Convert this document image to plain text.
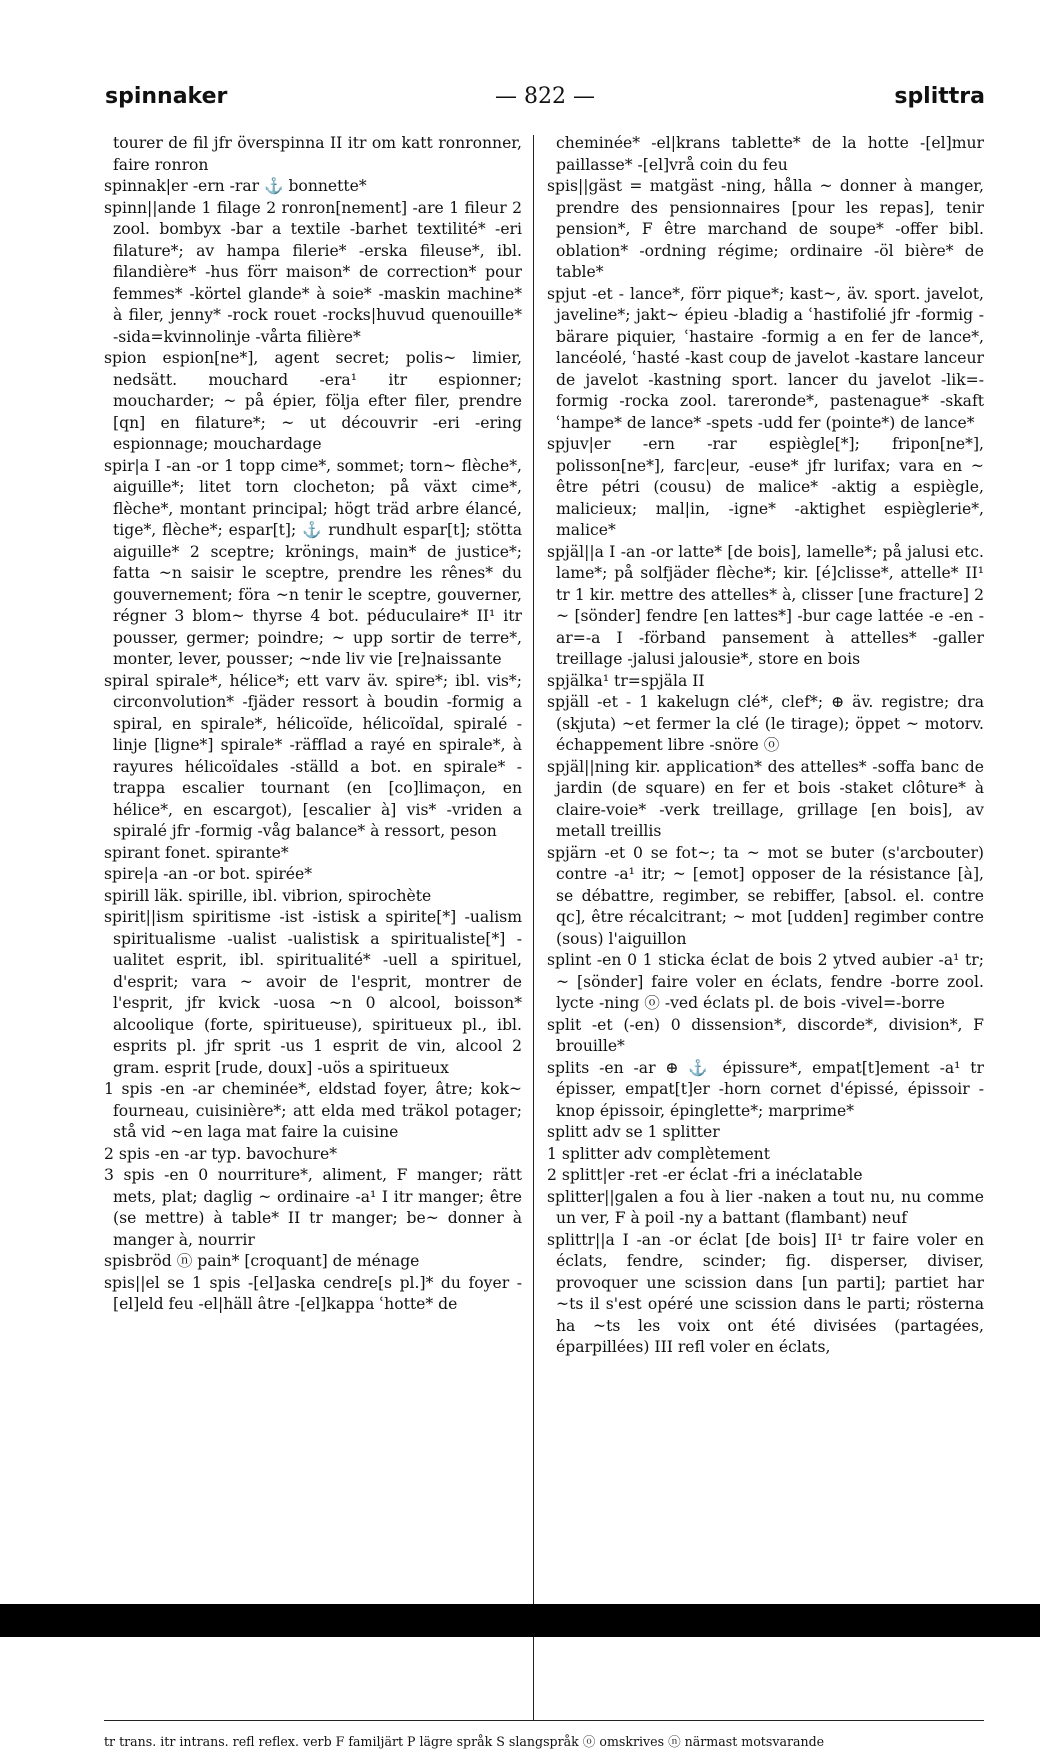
spinnaker	— 822 —	splittra

tourer de fil jfr överspinna II itr om katt ronronner, faire ronron

spinnak|er -ern -rar ⚓ bonnette*

spinn||ande 1 filage 2 ronron[nement] -are 1 fileur 2 zool. bombyx -bar a textile -barhet textilité* -eri filature*; av hampa filerie* -erska fileuse*, ibl. filandière* -hus förr maison* de correction* pour femmes* -körtel glande* à soie* -maskin machine* à filer, jenny* -rock rouet -rocks|huvud quenouille* -sida=kvinnolinje -vårta filière*

spion espion[ne*], agent secret; polis~ limier, nedsätt. mouchard -era¹ itr espionner; moucharder; ~ på épier, följa efter filer, prendre [qn] en filature*; ~ ut découvrir -eri -ering espionnage; mouchardage

spir|a I -an -or 1 topp cime*, sommet; torn~ flèche*, aiguille*; litet torn clocheton; på växt cime*, flèche*, montant principal; högt träd arbre élancé, tige*, flèche*; espar[t]; ⚓ rundhult espar[t]; stötta aiguille* 2 sceptre; kröningsˌ main* de justice*; fatta ~n saisir le sceptre, prendre les rênes* du gouvernement; föra ~n tenir le sceptre, gouverner, régner 3 blom~ thyrse 4 bot. péduculaire* II¹ itr pousser, germer; poindre; ~ upp sortir de terre*, monter, lever, pousser; ~nde liv vie [re]naissante

spiral spirale*, hélice*; ett varv äv. spire*; ibl. vis*; circonvolution* -fjäder ressort à boudin -formig a spiral, en spirale*, hélicoïde, hélicoïdal, spiralé -linje [ligne*] spirale* -räfflad a rayé en spirale*, à rayures hélicoïdales -ställd a bot. en spirale* -trappa escalier tournant (en [co]limaçon, en hélice*, en escargot), [escalier à] vis* -vriden a spiralé jfr -formig -våg balance* à ressort, peson

spirant fonet. spirante*

spire|a -an -or bot. spirée*

spirill läk. spirille, ibl. vibrion, spirochète

spirit||ism spiritisme -ist -istisk a spirite[*] -ualism spiritualisme -ualist -ualistisk a spiritualiste[*] -ualitet esprit, ibl. spiritualité* -uell a spirituel, d'esprit; vara ~ avoir de l'esprit, montrer de l'esprit, jfr kvick -uosa ~n 0 alcool, boisson* alcoolique (forte, spiritueuse), spiritueux pl., ibl. esprits pl. jfr sprit -us 1 esprit de vin, alcool 2 gram. esprit [rude, doux] -uös a spiritueux

1 spis -en -ar cheminée*, eldstad foyer, âtre; kok~ fourneau, cuisinière*; att elda med träkol potager; stå vid ~en laga mat faire la cuisine

2 spis -en -ar typ. bavochure*

3 spis -en 0 nourriture*, aliment, F manger; rätt mets, plat; daglig ~ ordinaire -a¹ I itr manger; être (se mettre) à table* II tr manger; be~ donner à manger à, nourrir

spisbröd ⓝ pain* [croquant] de ménage

spis||el se 1 spis -[el]aska cendre[s pl.]* du foyer -[el]eld feu -el|häll âtre -[el]kappa ʿhotte* de

cheminée* -el|krans tablette* de la hotte -[el]mur paillasse* -[el]vrå coin du feu

spis||gäst = matgäst -ning, hålla ~ donner à manger, prendre des pensionnaires [pour les repas], tenir pension*, F être marchand de soupe* -offer bibl. oblation* -ordning régime; ordinaire -öl bière* de table*

spjut -et - lance*, förr pique*; kast~, äv. sport. javelot, javeline*; jakt~ épieu -bladig a ʿhastifolié jfr -formig -bärare piquier, ʿhastaire -formig a en fer de lance*, lancéolé, ʿhasté -kast coup de javelot -kastare lanceur de javelot -kastning sport. lancer du javelot -lik=-formig -rocka zool. tareronde*, pastenague* -skaft ʿhampe* de lance* -spets -udd fer (pointe*) de lance*

spjuv|er -ern -rar espiègle[*]; fripon[ne*], polisson[ne*], farc|eur, -euse* jfr lurifax; vara en ~ être pétri (cousu) de malice* -aktig a espiègle, malicieux; mal|in, -igne* -aktighet espièglerie*, malice*

spjäl||a I -an -or latte* [de bois], lamelle*; på jalusi etc. lame*; på solfjäder flèche*; kir. [é]clisse*, attelle* II¹ tr 1 kir. mettre des attelles* à, clisser [une fracture] 2 ~ [sönder] fendre [en lattes*] -bur cage lattée -e -en -ar=-a I -förband pansement à attelles* -galler treillage -jalusi jalousie*, store en bois

spjälka¹ tr=spjäla II

spjäll -et - 1 kakelugn clé*, clef*; ⊕ äv. registre; dra (skjuta) ~et fermer la clé (le tirage); öppet ~ motorv. échappement libre -snöre ⓞ

spjäl||ning kir. application* des attelles* -soffa banc de jardin (de square) en fer et bois -staket clôture* à claire-voie* -verk treillage, grillage [en bois], av metall treillis

spjärn -et 0 se fot~; ta ~ mot se buter (s'arcbouter) contre -a¹ itr; ~ [emot] opposer de la résistance [à], se débattre, regimber, se rebiffer, [absol. el. contre qc], être récalcitrant; ~ mot [udden] regimber contre (sous) l'aiguillon

splint -en 0 1 sticka éclat de bois 2 ytved aubier -a¹ tr; ~ [sönder] faire voler en éclats, fendre -borre zool. lycte -ning ⓞ -ved éclats pl. de bois -vivel=-borre

split -et (-en) 0 dissension*, discorde*, division*, F brouille*

splits -en -ar ⊕ ⚓ épissure*, empat[t]ement -a¹ tr épisser, empat[t]er -horn cornet d'épissé, épissoir -knop épissoir, épinglette*; marprime*

splitt adv se 1 splitter

1 splitter adv complètement

2 splitt|er -ret -er éclat -fri a inéclatable

splitter||galen a fou à lier -naken a tout nu, nu comme un ver, F à poil -ny a battant (flambant) neuf

splittr||a I -an -or éclat [de bois] II¹ tr faire voler en éclats, fendre, scinder; fig. disperser, diviser, provoquer une scission dans [un parti]; partiet har ~ts il s'est opéré une scission dans le parti; rösterna ha ~ts les voix ont été divisées (partagées, éparpillées) III refl voler en éclats,

tr trans. itr intrans. refl reflex. verb F familjärt P lägre språk S slangspråk ⓞ omskrives ⓝ närmast motsvarande
